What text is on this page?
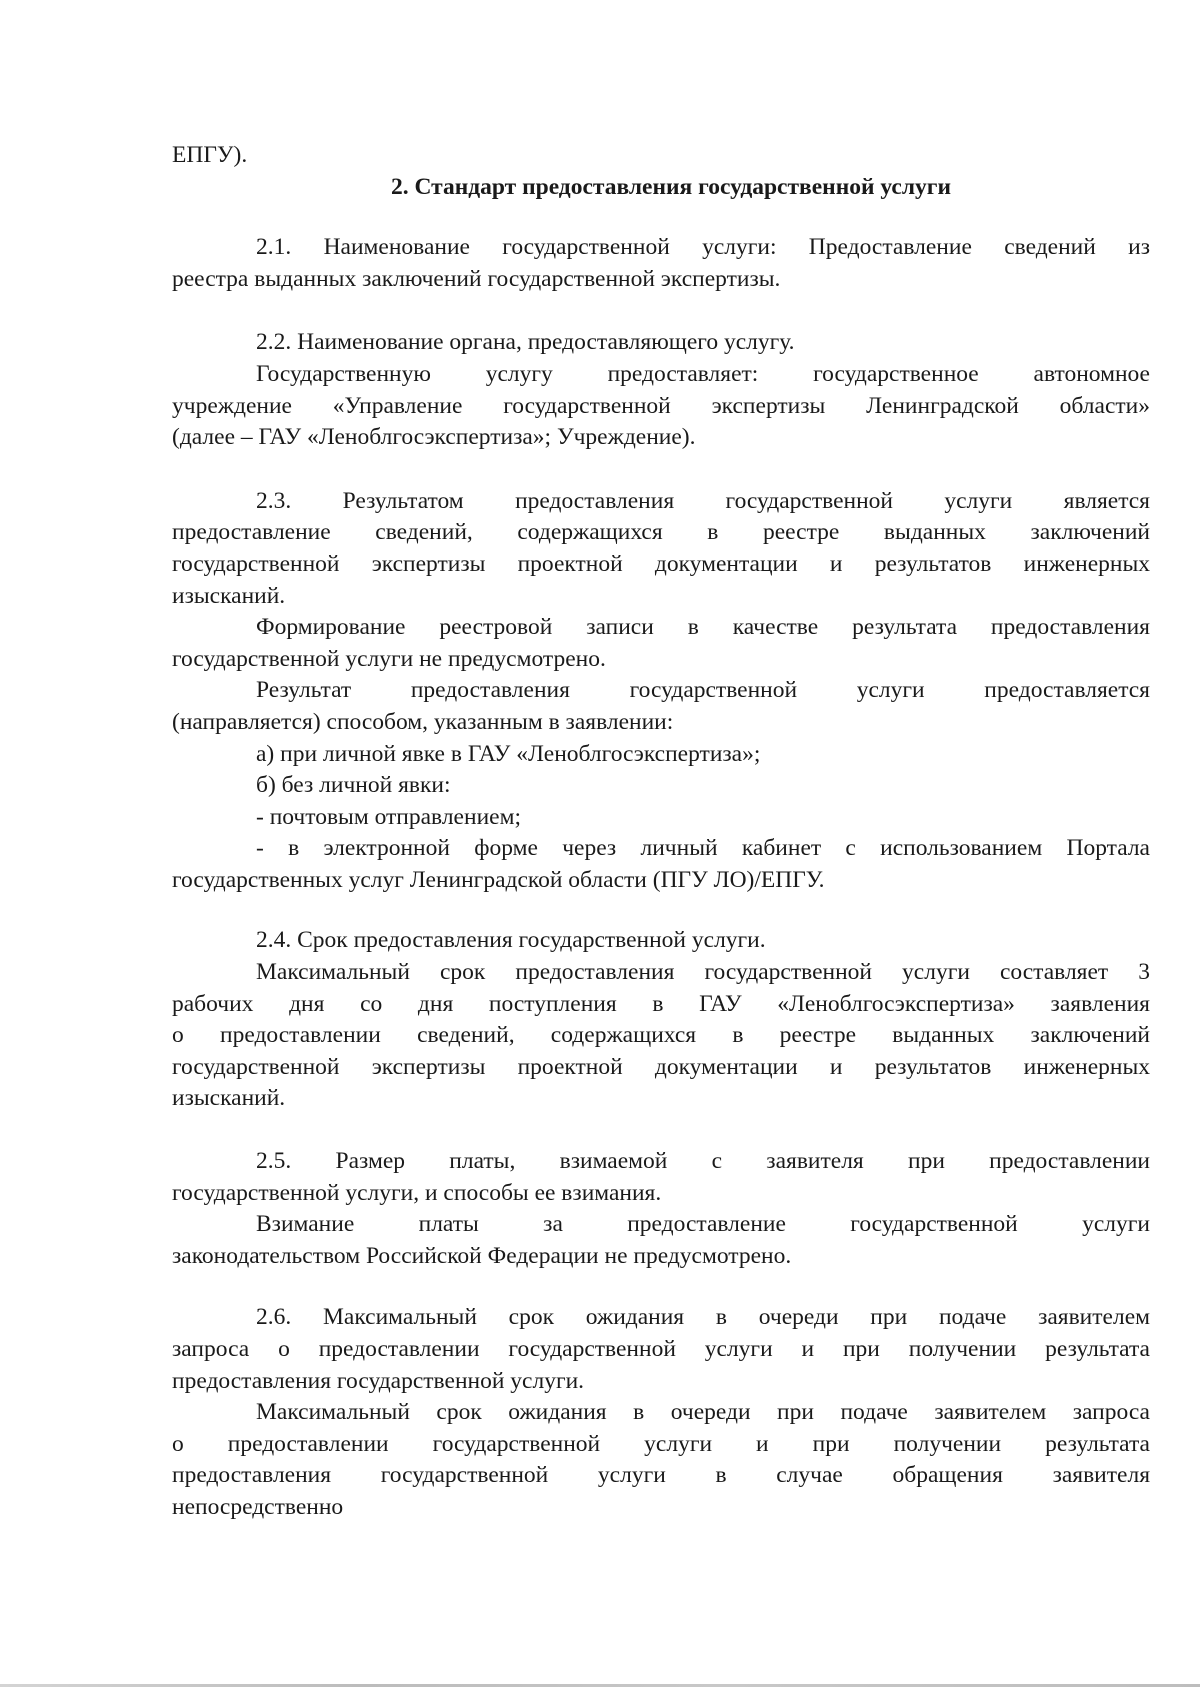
ЕПГУ).
2. Стандарт предоставления государственной услуги
2.1. Наименование государственной услуги: Предоставление сведений из
реестра выданных заключений государственной экспертизы.
2.2. Наименование органа, предоставляющего услугу.
Государственную услугу предоставляет: государственное автономное
учреждение «Управление государственной экспертизы Ленинградской области»
(далее – ГАУ «Леноблгосэкспертиза»; Учреждение).
2.3. Результатом предоставления государственной услуги является
предоставление сведений, содержащихся в реестре выданных заключений
государственной экспертизы проектной документации и результатов инженерных
изысканий.
Формирование реестровой записи в качестве результата предоставления
государственной услуги не предусмотрено.
Результат предоставления государственной услуги предоставляется
(направляется) способом, указанным в заявлении:
а) при личной явке в ГАУ «Леноблгосэкспертиза»;
б) без личной явки:
- почтовым отправлением;
- в электронной форме через личный кабинет с использованием Портала
государственных услуг Ленинградской области (ПГУ ЛО)/ЕПГУ.
2.4. Срок предоставления государственной услуги.
Максимальный срок предоставления государственной услуги составляет 3
рабочих дня со дня поступления в ГАУ «Леноблгосэкспертиза» заявления
о предоставлении сведений, содержащихся в реестре выданных заключений
государственной экспертизы проектной документации и результатов инженерных
изысканий.
2.5. Размер платы, взимаемой с заявителя при предоставлении
государственной услуги, и способы ее взимания.
Взимание платы за предоставление государственной услуги
законодательством Российской Федерации не предусмотрено.
2.6. Максимальный срок ожидания в очереди при подаче заявителем
запроса о предоставлении государственной услуги и при получении результата
предоставления государственной услуги.
Максимальный срок ожидания в очереди при подаче заявителем запроса
о предоставлении государственной услуги и при получении результата
предоставления государственной услуги в случае обращения заявителя
непосредственно
